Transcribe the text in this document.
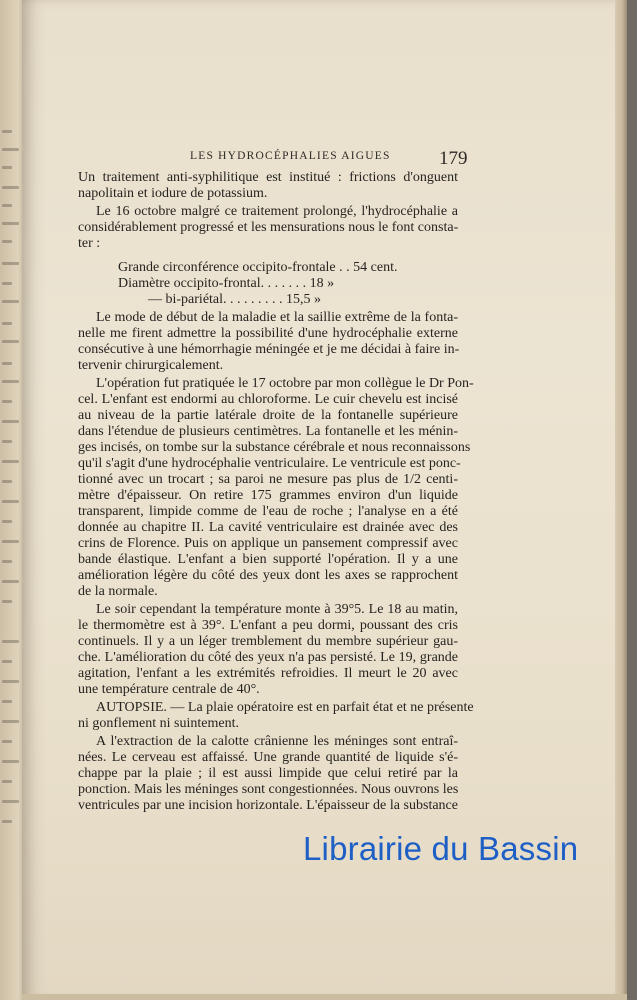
LES HYDROCÉPHALIES AIGUES	179
Un traitement anti-syphilitique est institué : frictions d'onguent
napolitain et iodure de potassium.
Le 16 octobre malgré ce traitement prolongé, l'hydrocéphalie a
considérablement progressé et les mensurations nous le font consta-
ter :
Grande circonférence occipito-frontale . . 54 cent.
Diamètre occipito-frontal. . . . . . . 18 »
— bi-pariétal. . . . . . . . . 15,5 »
Le mode de début de la maladie et la saillie extrême de la fonta-
nelle me firent admettre la possibilité d'une hydrocéphalie externe
consécutive à une hémorrhagie méningée et je me décidai à faire in-
tervenir chirurgicalement.
L'opération fut pratiquée le 17 octobre par mon collègue le Dr Pon-
cel. L'enfant est endormi au chloroforme. Le cuir chevelu est incisé
au niveau de la partie latérale droite de la fontanelle supérieure
dans l'étendue de plusieurs centimètres. La fontanelle et les ménin-
ges incisés, on tombe sur la substance cérébrale et nous reconnaissons
qu'il s'agit d'une hydrocéphalie ventriculaire. Le ventricule est ponc-
tionné avec un trocart ; sa paroi ne mesure pas plus de 1/2 centi-
mètre d'épaisseur. On retire 175 grammes environ d'un liquide
transparent, limpide comme de l'eau de roche ; l'analyse en a été
donnée au chapitre II. La cavité ventriculaire est drainée avec des
crins de Florence. Puis on applique un pansement compressif avec
bande élastique. L'enfant a bien supporté l'opération. Il y a une
amélioration légère du côté des yeux dont les axes se rapprochent
de la normale.
Le soir cependant la température monte à 39°5. Le 18 au matin,
le thermomètre est à 39°. L'enfant a peu dormi, poussant des cris
continuels. Il y a un léger tremblement du membre supérieur gau-
che. L'amélioration du côté des yeux n'a pas persisté. Le 19, grande
agitation, l'enfant a les extrémités refroidies. Il meurt le 20 avec
une température centrale de 40°.
AUTOPSIE. — La plaie opératoire est en parfait état et ne présente
ni gonflement ni suintement.
A l'extraction de la calotte crânienne les méninges sont entraî-
nées. Le cerveau est affaissé. Une grande quantité de liquide s'é-
chappe par la plaie ; il est aussi limpide que celui retiré par la
ponction. Mais les méninges sont congestionnées. Nous ouvrons les
ventricules par une incision horizontale. L'épaisseur de la substance
Librairie du Bassin
